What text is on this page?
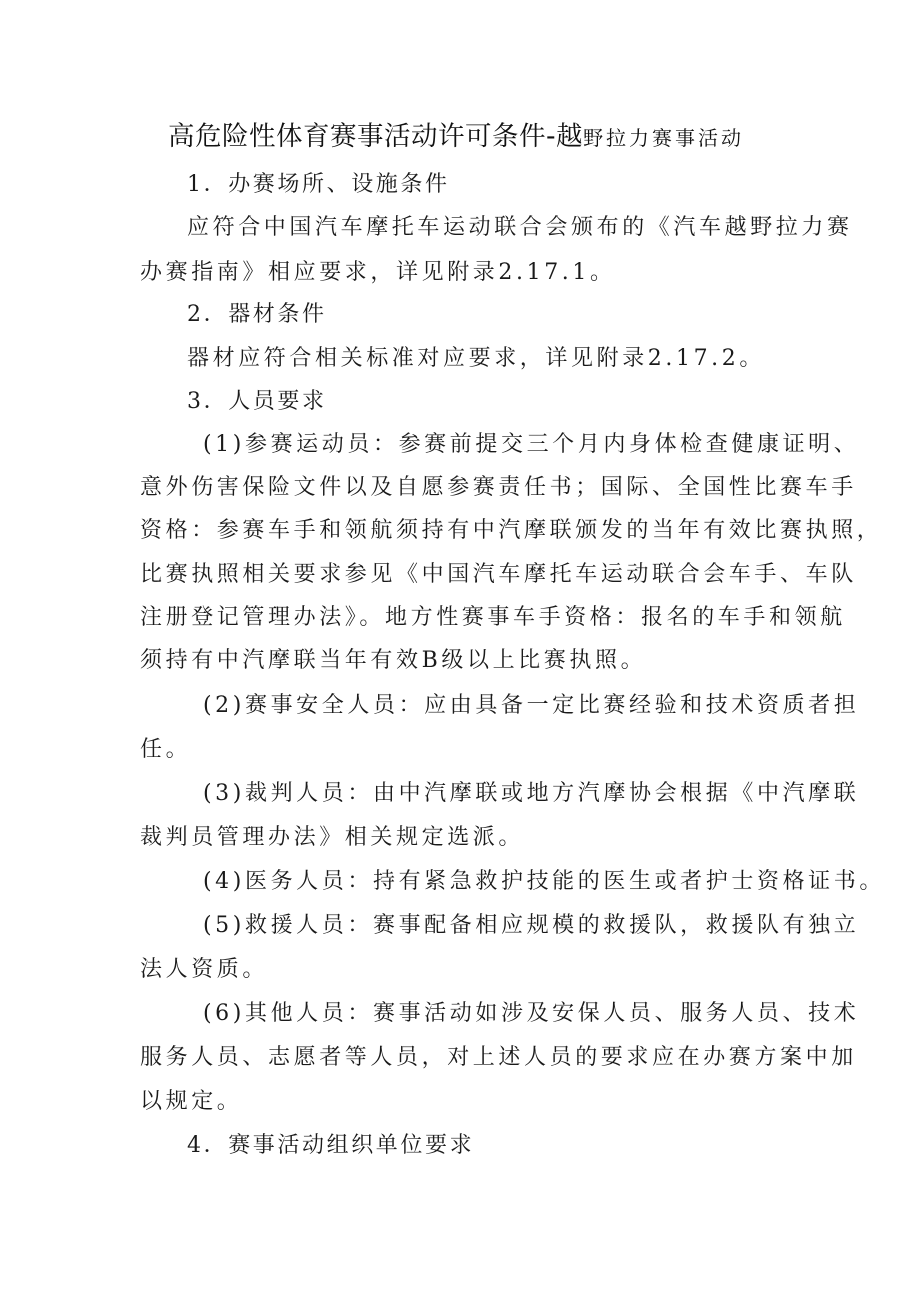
高危险性体育赛事活动许可条件-越野拉力赛事活动
1．办赛场所、设施条件
应符合中国汽车摩托车运动联合会颁布的《汽车越野拉力赛
办赛指南》相应要求，详见附录2.17.1。
2．器材条件
器材应符合相关标准对应要求，详见附录2.17.2。
3．人员要求
(1)参赛运动员：参赛前提交三个月内身体检查健康证明、
意外伤害保险文件以及自愿参赛责任书；国际、全国性比赛车手
资格：参赛车手和领航须持有中汽摩联颁发的当年有效比赛执照，
比赛执照相关要求参见《中国汽车摩托车运动联合会车手、车队
注册登记管理办法》。地方性赛事车手资格：报名的车手和领航
须持有中汽摩联当年有效B级以上比赛执照。
(2)赛事安全人员：应由具备一定比赛经验和技术资质者担
任。
(3)裁判人员：由中汽摩联或地方汽摩协会根据《中汽摩联
裁判员管理办法》相关规定选派。
(4)医务人员：持有紧急救护技能的医生或者护士资格证书。
(5)救援人员：赛事配备相应规模的救援队，救援队有独立
法人资质。
(6)其他人员：赛事活动如涉及安保人员、服务人员、技术
服务人员、志愿者等人员，对上述人员的要求应在办赛方案中加
以规定。
4．赛事活动组织单位要求
